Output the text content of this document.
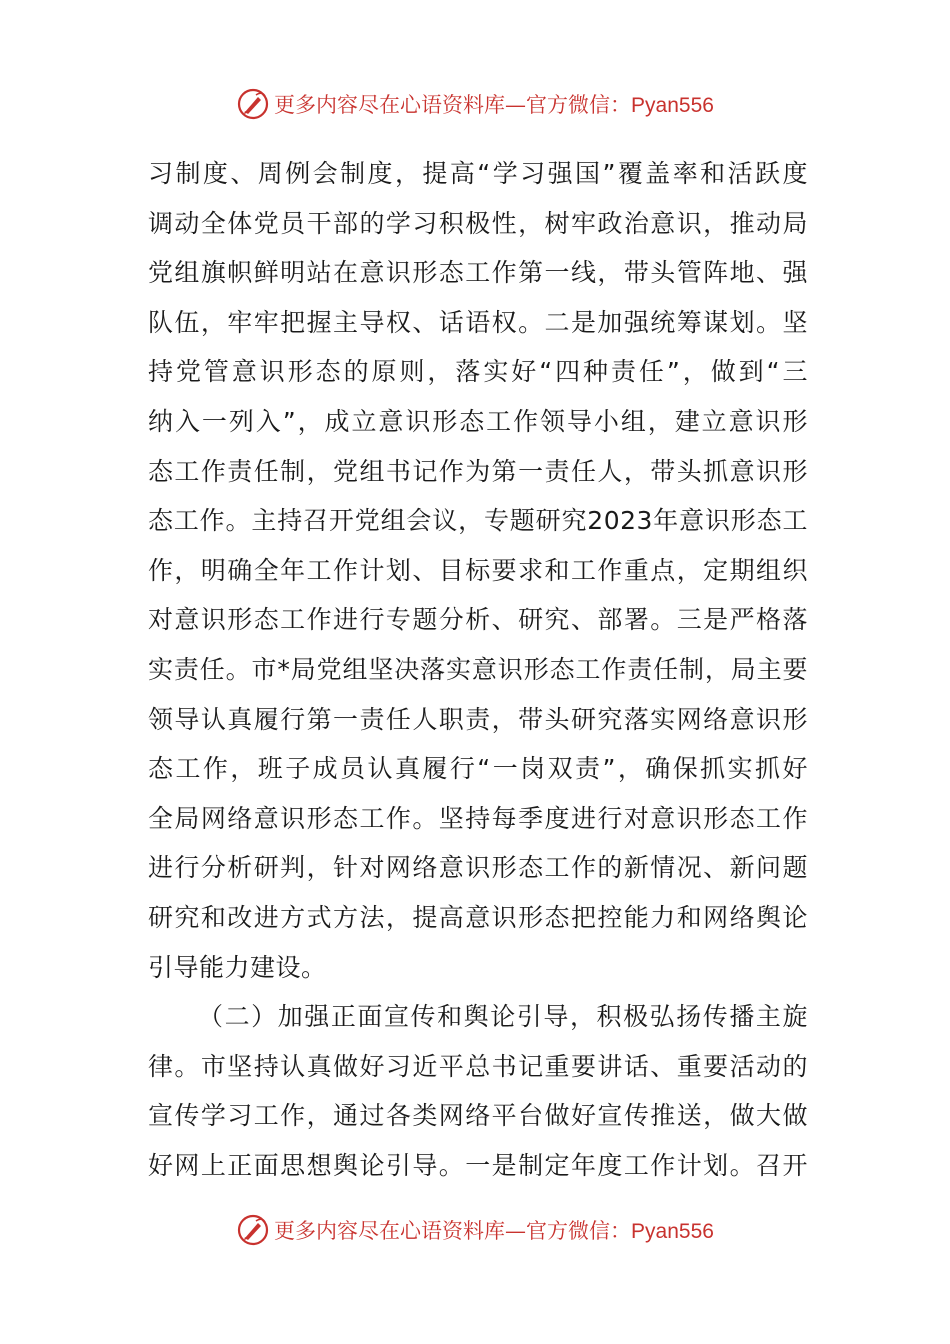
更多内容尽在心语资料库—官方微信：Pyan556
习制度、周例会制度，提高“学习强国”覆盖率和活跃度
调动全体党员干部的学习积极性，树牢政治意识，推动局
党组旗帜鲜明站在意识形态工作第一线，带头管阵地、强
队伍，牢牢把握主导权、话语权。二是加强统筹谋划。坚
持党管意识形态的原则，落实好“四种责任”，做到“三
纳入一列入”，成立意识形态工作领导小组，建立意识形
态工作责任制，党组书记作为第一责任人，带头抓意识形
态工作。主持召开党组会议，专题研究2023年意识形态工
作，明确全年工作计划、目标要求和工作重点，定期组织
对意识形态工作进行专题分析、研究、部署。三是严格落
实责任。市*局党组坚决落实意识形态工作责任制，局主要
领导认真履行第一责任人职责，带头研究落实网络意识形
态工作，班子成员认真履行“一岗双责”，确保抓实抓好
全局网络意识形态工作。坚持每季度进行对意识形态工作
进行分析研判，针对网络意识形态工作的新情况、新问题
研究和改进方式方法，提高意识形态把控能力和网络舆论
引导能力建设。
（二）加强正面宣传和舆论引导，积极弘扬传播主旋
律。市坚持认真做好习近平总书记重要讲话、重要活动的
宣传学习工作，通过各类网络平台做好宣传推送，做大做
好网上正面思想舆论引导。一是制定年度工作计划。召开
更多内容尽在心语资料库—官方微信：Pyan556
